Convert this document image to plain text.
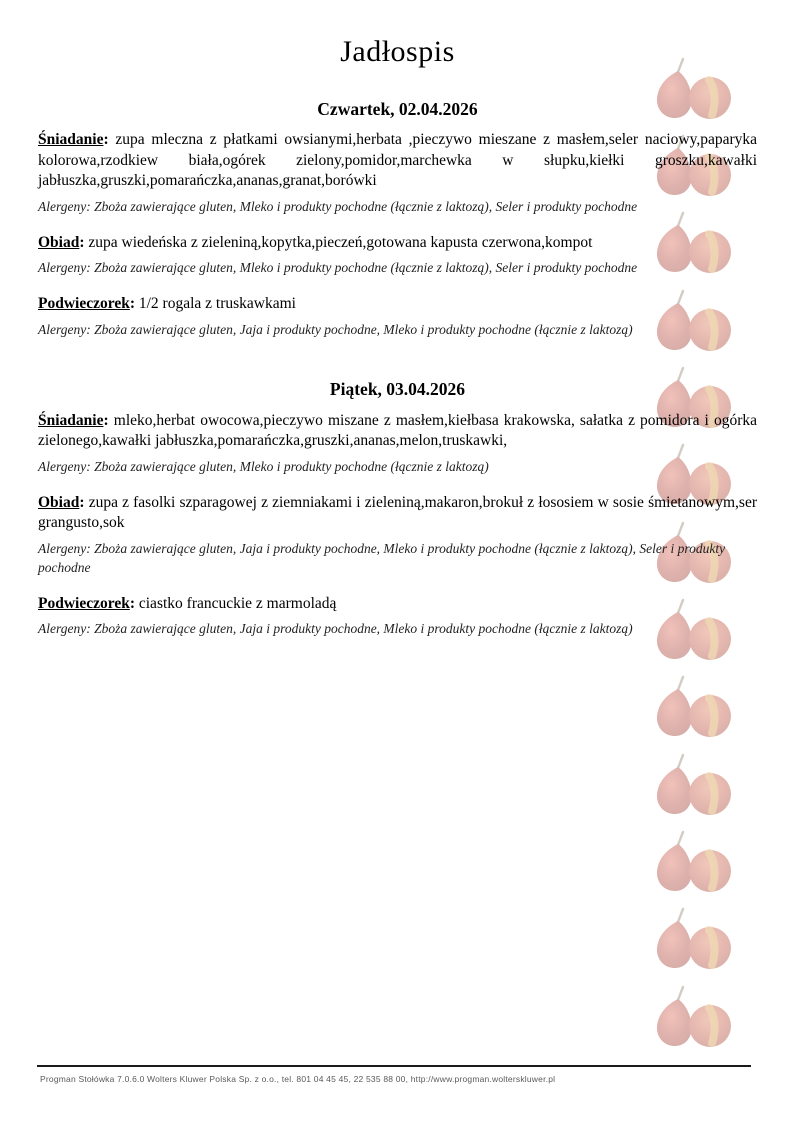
Jadłospis
Czwartek, 02.04.2026

Śniadanie: zupa mleczna z płatkami owsianymi,herbata ,pieczywo mieszane z masłem,seler naciowy,paparyka kolorowa,rzodkiew biała,ogórek zielony,pomidor,marchewka w słupku,kiełki groszku,kawałki jabłuszka,gruszki,pomarańczka,ananas,granat,borówki

Alergeny: Zboża zawierające gluten, Mleko i produkty pochodne (łącznie z laktozą), Seler i produkty pochodne

Obiad: zupa wiedeńska z zieleniną,kopytka,pieczeń,gotowana kapusta czerwona,kompot

Alergeny: Zboża zawierające gluten, Mleko i produkty pochodne (łącznie z laktozą), Seler i produkty pochodne

Podwieczorek: 1/2 rogala z truskawkami

Alergeny: Zboża zawierające gluten, Jaja i produkty pochodne, Mleko i produkty pochodne (łącznie z laktozą)

Piątek, 03.04.2026

Śniadanie: mleko,herbat owocowa,pieczywo miszane z masłem,kiełbasa krakowska, sałatka z pomidora i ogórka zielonego,kawałki jabłuszka,pomarańczka,gruszki,ananas,melon,truskawki,

Alergeny: Zboża zawierające gluten, Mleko i produkty pochodne (łącznie z laktozą)

Obiad: zupa z fasolki szparagowej z ziemniakami i zieleniną,makaron,brokuł z łososiem w sosie śmietanowym,ser grangusto,sok

Alergeny: Zboża zawierające gluten, Jaja i produkty pochodne, Mleko i produkty pochodne (łącznie z laktozą), Seler i produkty pochodne

Podwieczorek: ciastko francuckie z marmoladą

Alergeny: Zboża zawierające gluten, Jaja i produkty pochodne, Mleko i produkty pochodne (łącznie z laktozą)

Progman Stołówka 7.0.6.0 Wolters Kluwer Polska Sp. z o.o., tel. 801 04 45 45, 22 535 88 00, http://www.progman.wolterskluwer.pl
